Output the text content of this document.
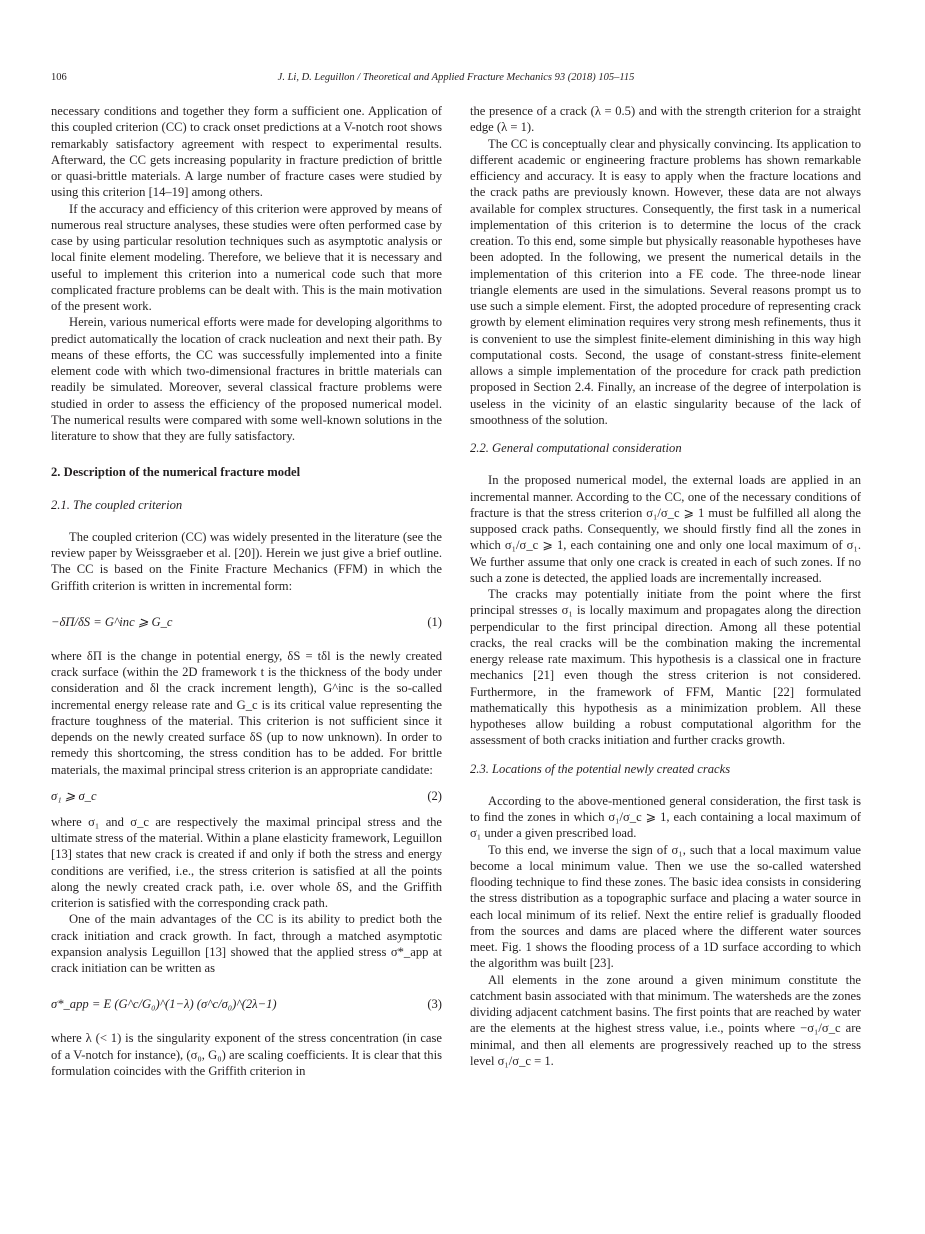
106	J. Li, D. Leguillon / Theoretical and Applied Fracture Mechanics 93 (2018) 105–115

necessary conditions and together they form a sufficient one. Application of this coupled criterion (CC) to crack onset predictions at a V-notch root shows remarkably satisfactory agreement with respect to experimental results. Afterward, the CC gets increasing popularity in fracture prediction of brittle or quasi-brittle materials. A large number of fracture cases were studied by using this criterion [14–19] among others.

If the accuracy and efficiency of this criterion were approved by means of numerous real structure analyses, these studies were often performed case by case by using particular resolution techniques such as asymptotic analysis or local finite element modeling. Therefore, we believe that it is necessary and useful to implement this criterion into a numerical code such that more complicated fracture problems can be dealt with. This is the main motivation of the present work.

Herein, various numerical efforts were made for developing algorithms to predict automatically the location of crack nucleation and next their path. By means of these efforts, the CC was successfully implemented into a finite element code with which two-dimensional fractures in brittle materials can readily be simulated. Moreover, several classical fracture problems were studied in order to assess the efficiency of the proposed numerical model. The numerical results were compared with some well-known solutions in the literature to show that they are fully satisfactory.

2. Description of the numerical fracture model
2.1. The coupled criterion

The coupled criterion (CC) was widely presented in the literature (see the review paper by Weissgraeber et al. [20]). Herein we just give a brief outline. The CC is based on the Finite Fracture Mechanics (FFM) in which the Griffith criterion is written in incremental form:

−δΠ/δS = G^inc ⩾ G_c	(1)

where δΠ is the change in potential energy, δS = tδl is the newly created crack surface (within the 2D framework t is the thickness of the body under consideration and δl the crack increment length), G^inc is the so-called incremental energy release rate and G_c is its critical value representing the fracture toughness of the material. This criterion is not sufficient since it depends on the newly created surface δS (up to now unknown). In order to remedy this shortcoming, the stress condition has to be added. For brittle materials, the maximal principal stress criterion is an appropriate candidate:

σ₁ ⩾ σ_c	(2)

where σ₁ and σ_c are respectively the maximal principal stress and the ultimate stress of the material. Within a plane elasticity framework, Leguillon [13] states that new crack is created if and only if both the stress and energy conditions are verified, i.e., the stress criterion is satisfied at all the points along the newly created crack path, i.e. over whole δS, and the Griffith criterion is satisfied with the corresponding crack path.

One of the main advantages of the CC is its ability to predict both the crack initiation and crack growth. In fact, through a matched asymptotic expansion analysis Leguillon [13] showed that the applied stress σ*_app at crack initiation can be written as

σ*_app = E (G^c/G₀)^(1−λ) (σ^c/σ₀)^(2λ−1)	(3)

where λ (< 1) is the singularity exponent of the stress concentration (in case of a V-notch for instance), (σ₀, G₀) are scaling coefficients. It is clear that this formulation coincides with the Griffith criterion in

the presence of a crack (λ = 0.5) and with the strength criterion for a straight edge (λ = 1).

The CC is conceptually clear and physically convincing. Its application to different academic or engineering fracture problems has shown remarkable efficiency and accuracy. It is easy to apply when the fracture locations and the crack paths are previously known. However, these data are not always available for complex structures. Consequently, the first task in a numerical implementation of this criterion is to determine the locus of the crack creation. To this end, some simple but physically reasonable hypotheses have been adopted. In the following, we present the numerical details in the implementation of this criterion into a FE code. The three-node linear triangle elements are used in the simulations. Several reasons prompt us to use such a simple element. First, the adopted procedure of representing crack growth by element elimination requires very strong mesh refinements, thus it is convenient to use the simplest finite-element diminishing in this way high computational costs. Second, the usage of constant-stress finite-element allows a simple implementation of the procedure for crack path prediction proposed in Section 2.4. Finally, an increase of the degree of interpolation is useless in the vicinity of an elastic singularity because of the lack of smoothness of the solution.

2.2. General computational consideration

In the proposed numerical model, the external loads are applied in an incremental manner. According to the CC, one of the necessary conditions of fracture is that the stress criterion σ₁/σ_c ⩾ 1 must be fulfilled all along the supposed crack paths. Consequently, we should firstly find all the zones in which σ₁/σ_c ⩾ 1, each containing one and only one local maximum of σ₁. We further assume that only one crack is created in each of such zones. If no such a zone is detected, the applied loads are incrementally increased.

The cracks may potentially initiate from the point where the first principal stresses σ₁ is locally maximum and propagates along the direction perpendicular to the first principal direction. Among all these potential cracks, the real cracks will be the combination making the incremental energy release rate maximum. This hypothesis is a classical one in fracture mechanics [21] even though the stress criterion is not considered. Furthermore, in the framework of FFM, Mantic [22] formulated mathematically this hypothesis as a minimization problem. All these hypotheses allow building a robust computational algorithm for the assessment of both cracks initiation and further cracks growth.

2.3. Locations of the potential newly created cracks

According to the above-mentioned general consideration, the first task is to find the zones in which σ₁/σ_c ⩾ 1, each containing a local maximum of σ₁ under a given prescribed load.

To this end, we inverse the sign of σ₁, such that a local maximum value become a local minimum value. Then we use the so-called watershed flooding technique to find these zones. The basic idea consists in considering the stress distribution as a topographic surface and placing a water source in each local minimum of its relief. Next the entire relief is gradually flooded from the sources and dams are placed where the different water sources meet. Fig. 1 shows the flooding process of a 1D surface according to which the algorithm was built [23].

All elements in the zone around a given minimum constitute the catchment basin associated with that minimum. The watersheds are the zones dividing adjacent catchment basins. The first points that are reached by water are the elements at the highest stress value, i.e., points where −σ₁/σ_c are minimal, and then all elements are progressively reached up to the stress level σ₁/σ_c = 1.
